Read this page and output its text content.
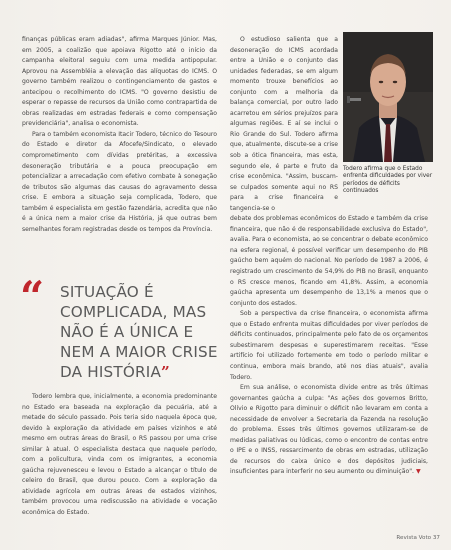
finanças públicas eram adiadas", afirma Marques Júnior. Mas, em 2005, a coalizão que apoiava Rigotto até o início da campanha eleitoral seguiu com uma medida antipopular. Aprovou na Assembléia a elevação das alíquotas do ICMS. O governo também realizou o contingenciamento de gastos e antecipou o recolhimento do ICMS. "O governo desistiu de esperar o repasse de recursos da União como contrapartida de obras realizadas em estradas federais e como compensação previdenciária", analisa o economista.

Para o também economista Itacir Todero, técnico do Tesouro do Estado e diretor da Afocefe/Sindicato, o elevado comprometimento com dívidas pretéritas, a excessiva desoneração tributária e a pouca preocupação em potencializar a arrecadação com efetivo combate à sonegação de tributos são algumas das causas do agravamento dessa crise. E embora a situação seja complicada, Todero, que também é especialista em gestão fazendária, acredita que não é a única nem a maior crise da História, já que outras bem semelhantes foram registradas desde os tempos da Província.

“	SITUAÇÃO É COMPLICADA, MAS NÃO É A ÚNICA E NEM A MAIOR CRISE DA HISTÓRIA”

Todero lembra que, inicialmente, a economia predominante no Estado era baseada na exploração da pecuária, até a metade do século passado. Pois teria sido naquela época que, devido à exploração da atividade em países vizinhos e até mesmo em outras áreas do Brasil, o RS passou por uma crise similar à atual. O especialista destaca que naquele período, com a policultura, vinda com os imigrantes, a economia gaúcha rejuvenesceu e levou o Estado a alcançar o título de celeiro do Brasil, que durou pouco. Com a exploração da atividade agrícola em outras áreas de estados vizinhos, também provocou uma rediscussão na atividade e vocação econômica do Estado.

O estudioso salienta que a desoneração do ICMS acordada entre a União e o conjunto das unidades federadas, se em algum momento trouxe benefícios ao conjunto com a melhoria da balança comercial, por outro lado acarretou em sérios prejuízos para algumas regiões. E aí se inclui o Rio Grande do Sul. Todero afirma que, atualmente, discute-se a crise sob a ótica financeira, mas esta, segundo ele, é parte e fruto da crise econômica. "Assim, buscam-se culpados somente aqui no RS para a crise financeira e tangencia-se o

debate dos problemas econômicos do Estado e também da crise financeira, que não é de responsabilidade exclusiva do Estado", avalia. Para o economista, ao se concentrar o debate econômico na esfera regional, é possível verificar um desempenho do PIB gaúcho bem aquém do nacional. No período de 1987 a 2006, é registrado um crescimento de 54,9% do PIB no Brasil, enquanto o RS cresce menos, ficando em 41,8%. Assim, a economia gaúcha apresenta um desempenho de 13,1% a menos que o conjunto dos estados.

Sob a perspectiva da crise financeira, o economista afirma que o Estado enfrenta muitas dificuldades por viver períodos de déficits continuados, principalmente pelo fato de os orçamentos subestimarem despesas e superestimarem receitas. "Esse artifício foi utilizado fortemente em todo o período militar e continua, embora mais brando, até nos dias atuais", avalia Todero.

Em sua análise, o economista divide entre as três últimas governantes gaúcha a culpa: "As ações dos governos Britto, Olívio e Rigotto para diminuir o déficit não levaram em conta a necessidade de envolver a Secretaria da Fazenda na resolução do problema. Esses três últimos governos utilizaram-se de medidas paliativas ou lúdicas, como o encontro de contas entre o IPE e o INSS, ressarcimento de obras em estradas, utilização de recursos do caixa único e dos depósitos judiciais, insuficientes para interferir no seu aumento ou diminuição". ▼

Todero afirma que o Estado enfrenta dificuldades por viver períodos de déficits continuados
Revista Voto 37
